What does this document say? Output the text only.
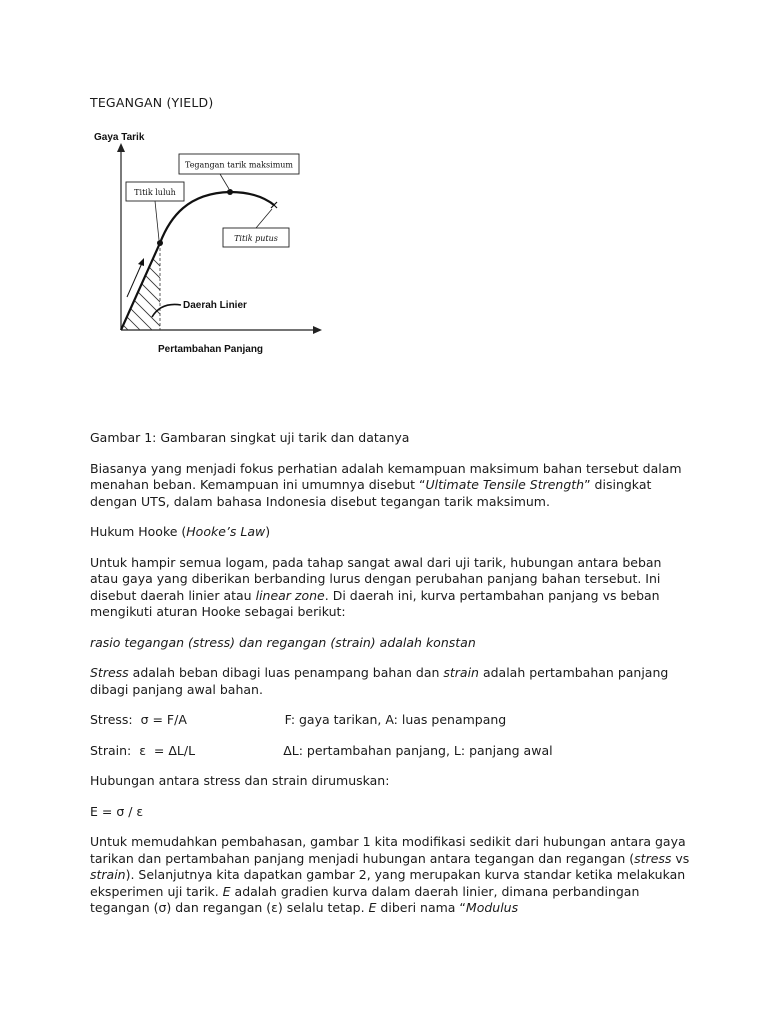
TEGANGAN (YIELD)
Tegangan tarik maksimum
Titik luluh
Titik putus
Daerah Linier
Gaya Tarik
Pertambahan Panjang

Gambar 1: Gambaran singkat uji tarik dan datanya

Biasanya yang menjadi fokus perhatian adalah kemampuan maksimum bahan tersebut dalam menahan beban. Kemampuan ini umumnya disebut “Ultimate Tensile Strength” disingkat dengan UTS, dalam bahasa Indonesia disebut tegangan tarik maksimum.

Hukum Hooke (Hooke’s Law)

Untuk hampir semua logam, pada tahap sangat awal dari uji tarik, hubungan antara beban atau gaya yang diberikan berbanding lurus dengan perubahan panjang bahan tersebut. Ini disebut daerah linier atau linear zone. Di daerah ini, kurva pertambahan panjang vs beban mengikuti aturan Hooke sebagai berikut:

rasio tegangan (stress) dan regangan (strain) adalah konstan

Stress adalah beban dibagi luas penampang bahan dan strain adalah pertambahan panjang dibagi panjang awal bahan.

Stress: σ = F/A	F: gaya tarikan, A: luas penampang

Strain: ε  = ΔL/L	ΔL: pertambahan panjang, L: panjang awal

Hubungan antara stress dan strain dirumuskan:

E = σ / ε

Untuk memudahkan pembahasan, gambar 1 kita modifikasi sedikit dari hubungan antara gaya tarikan dan pertambahan panjang menjadi hubungan antara tegangan dan regangan (stress vs strain). Selanjutnya kita dapatkan gambar 2, yang merupakan kurva standar ketika melakukan eksperimen uji tarik. E adalah gradien kurva dalam daerah linier, dimana perbandingan tegangan (σ) dan regangan (ε) selalu tetap. E diberi nama “Modulus
